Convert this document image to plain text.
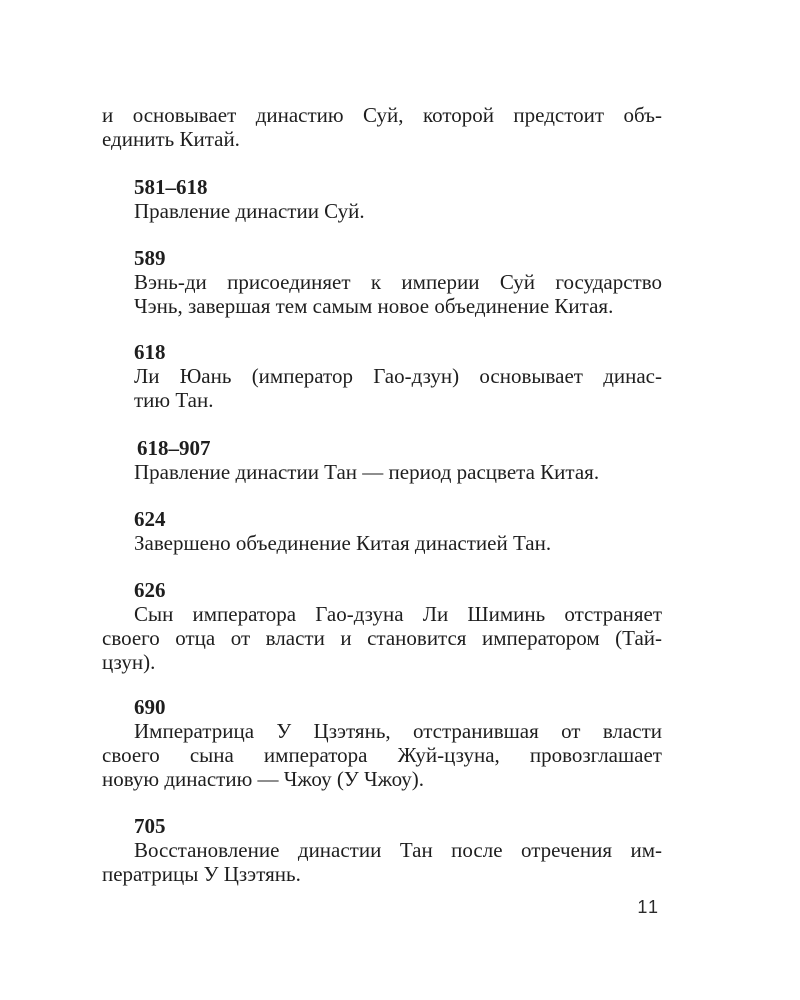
и основывает династию Суй, которой предстоит объ-
единить Китай.
581–618
Правление династии Суй.
589
Вэнь-ди присоединяет к империи Суй государство
Чэнь, завершая тем самым новое объединение Китая.
618
Ли Юань (император Гао-дзун) основывает динас-
тию Тан.
618–907
Правление династии Тан — период расцвета Китая.
624
Завершено объединение Китая династией Тан.
626
Сын императора Гао-дзуна Ли Шиминь отстраняет
своего отца от власти и становится императором (Тай-
цзун).
690
Императрица У Цзэтянь, отстранившая от власти
своего сына императора Жуй-цзуна, провозглашает
новую династию — Чжоу (У Чжоу).
705
Восстановление династии Тан после отречения им-
ператрицы У Цзэтянь.
11
